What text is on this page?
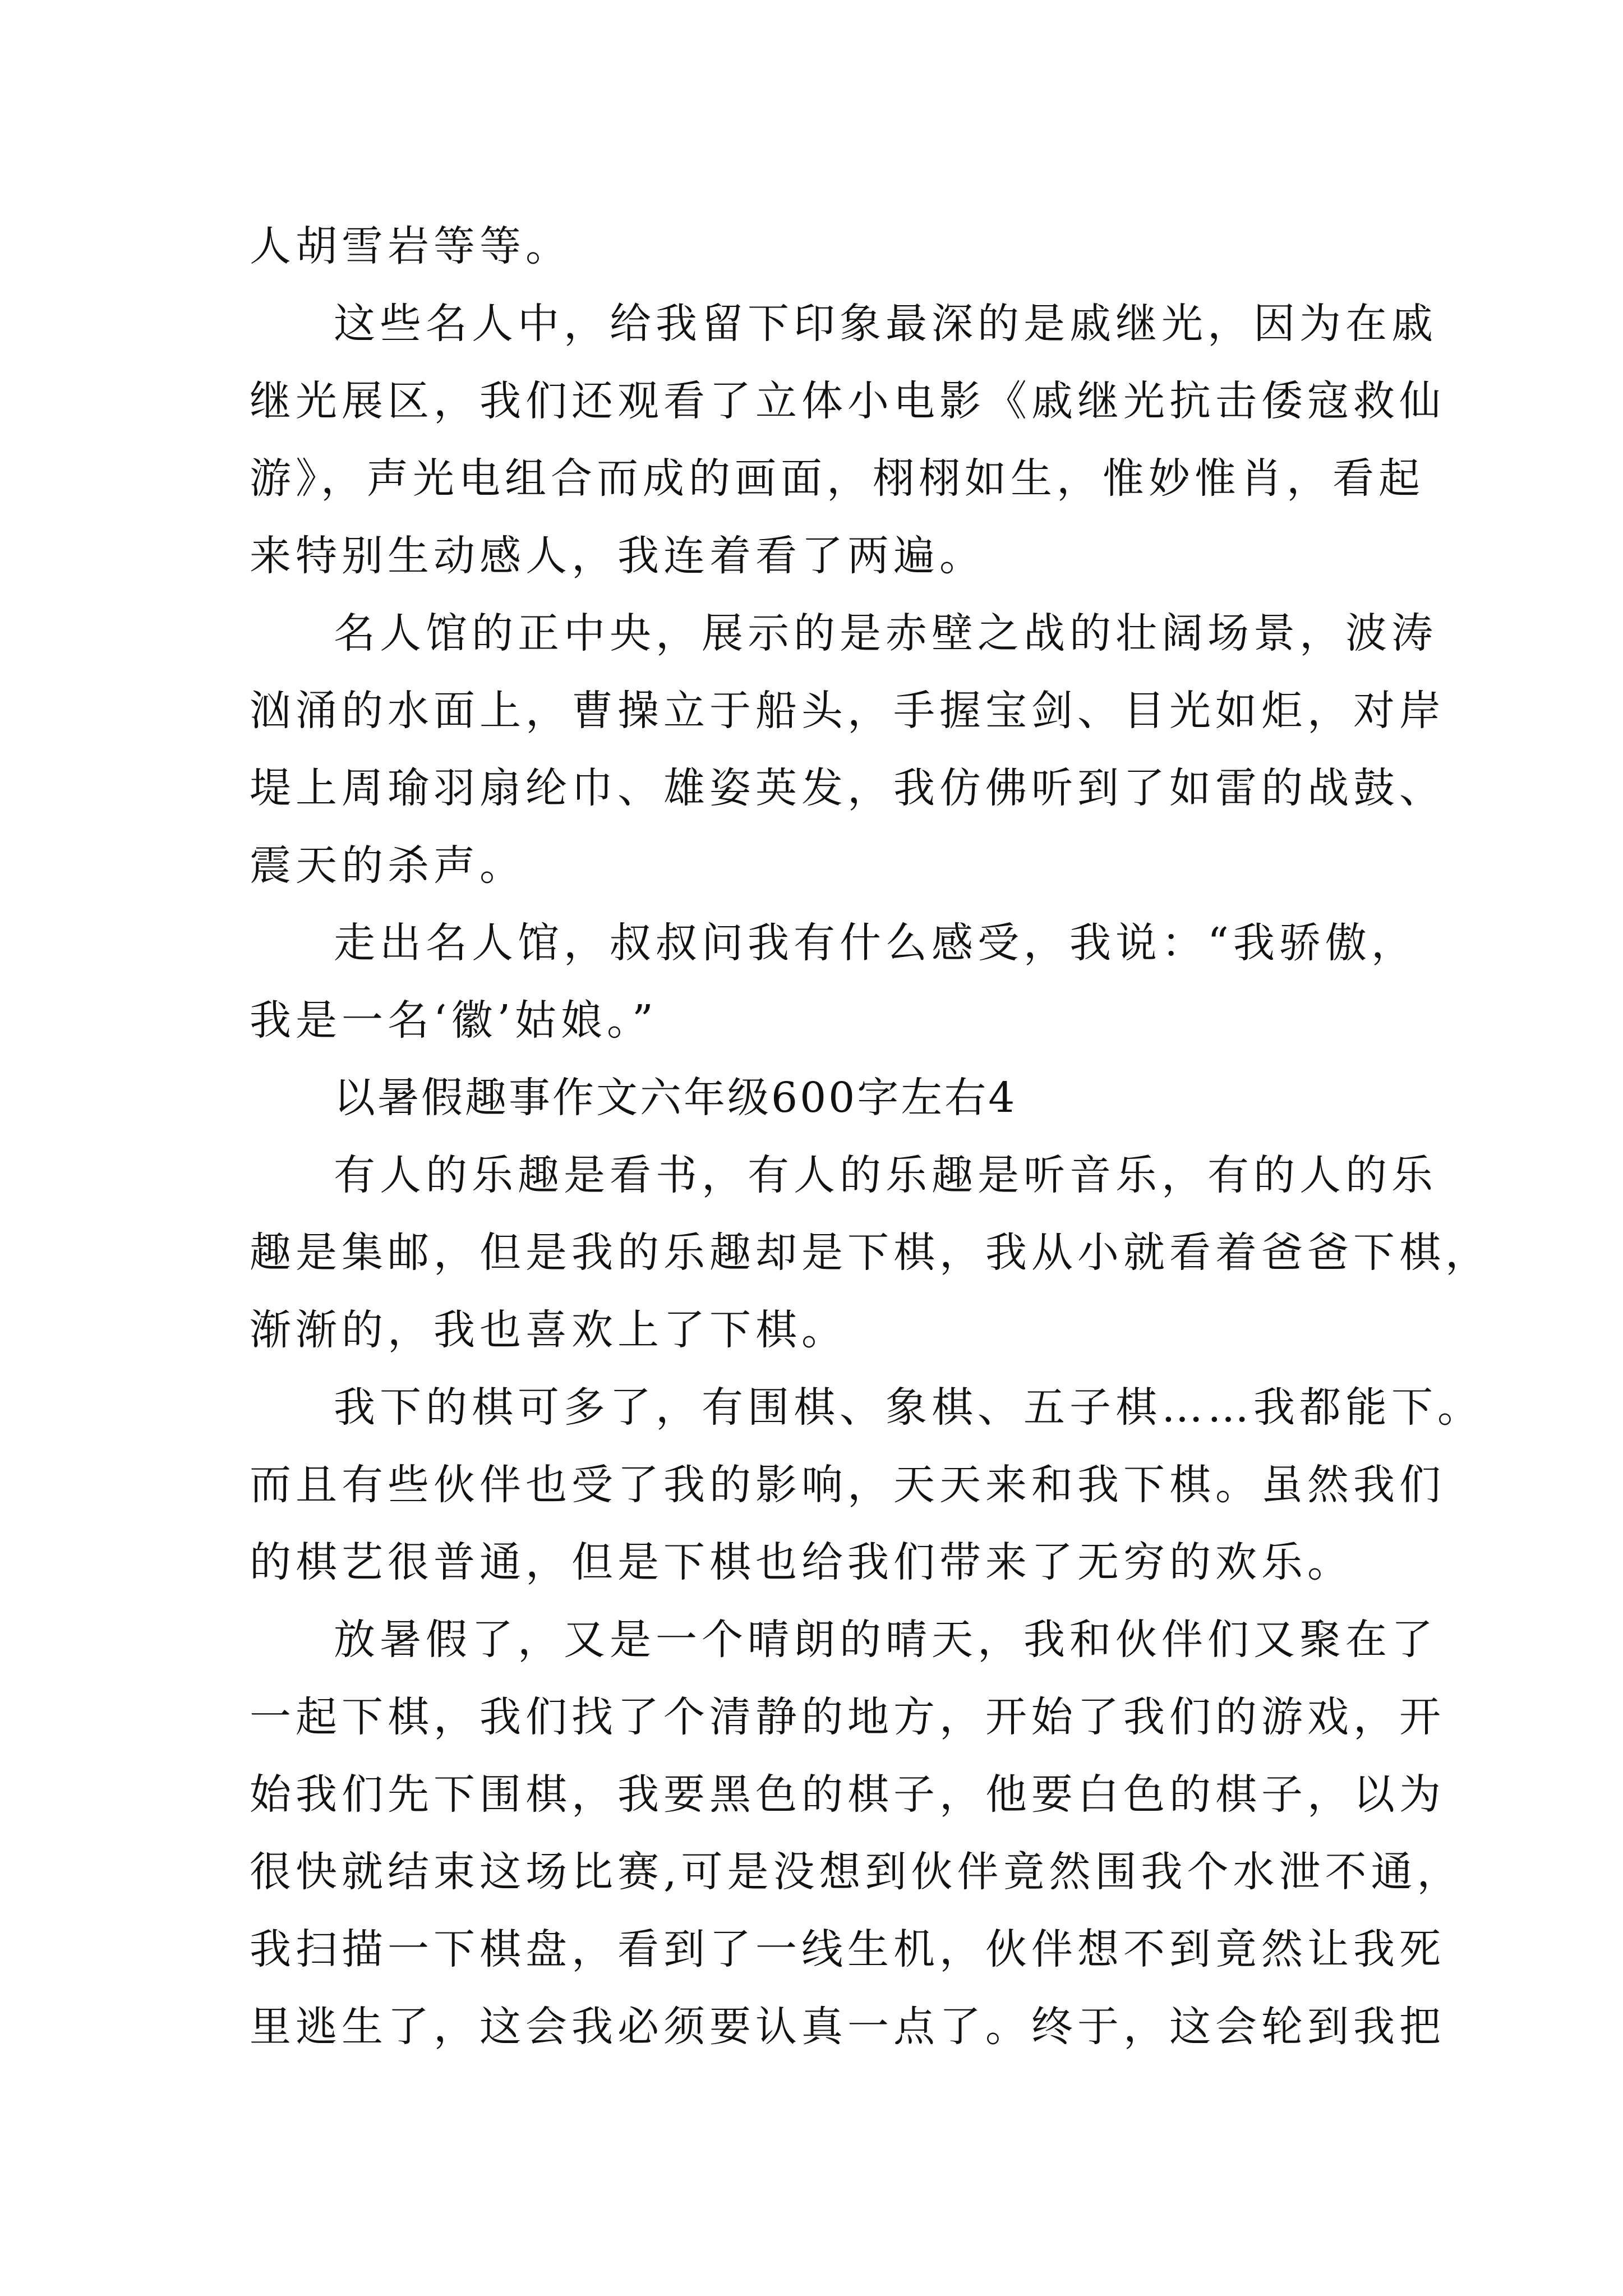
人胡雪岩等等。
这些名人中，给我留下印象最深的是戚继光，因为在戚
继光展区，我们还观看了立体小电影《戚继光抗击倭寇救仙
游》，声光电组合而成的画面，栩栩如生，惟妙惟肖，看起
来特别生动感人，我连着看了两遍。
名人馆的正中央，展示的是赤壁之战的壮阔场景，波涛
汹涌的水面上，曹操立于船头，手握宝剑、目光如炬，对岸
堤上周瑜羽扇纶巾、雄姿英发，我仿佛听到了如雷的战鼓、
震天的杀声。
走出名人馆，叔叔问我有什么感受，我说：“我骄傲，
我是一名‘徽’姑娘。”
以暑假趣事作文六年级600字左右4
有人的乐趣是看书，有人的乐趣是听音乐，有的人的乐
趣是集邮，但是我的乐趣却是下棋，我从小就看着爸爸下棋，
渐渐的，我也喜欢上了下棋。
我下的棋可多了，有围棋、象棋、五子棋……我都能下。
而且有些伙伴也受了我的影响，天天来和我下棋。虽然我们
的棋艺很普通，但是下棋也给我们带来了无穷的欢乐。
放暑假了，又是一个晴朗的晴天，我和伙伴们又聚在了
一起下棋，我们找了个清静的地方，开始了我们的游戏，开
始我们先下围棋，我要黑色的棋子，他要白色的棋子，以为
很快就结束这场比赛,可是没想到伙伴竟然围我个水泄不通，
我扫描一下棋盘，看到了一线生机，伙伴想不到竟然让我死
里逃生了，这会我必须要认真一点了。终于，这会轮到我把
